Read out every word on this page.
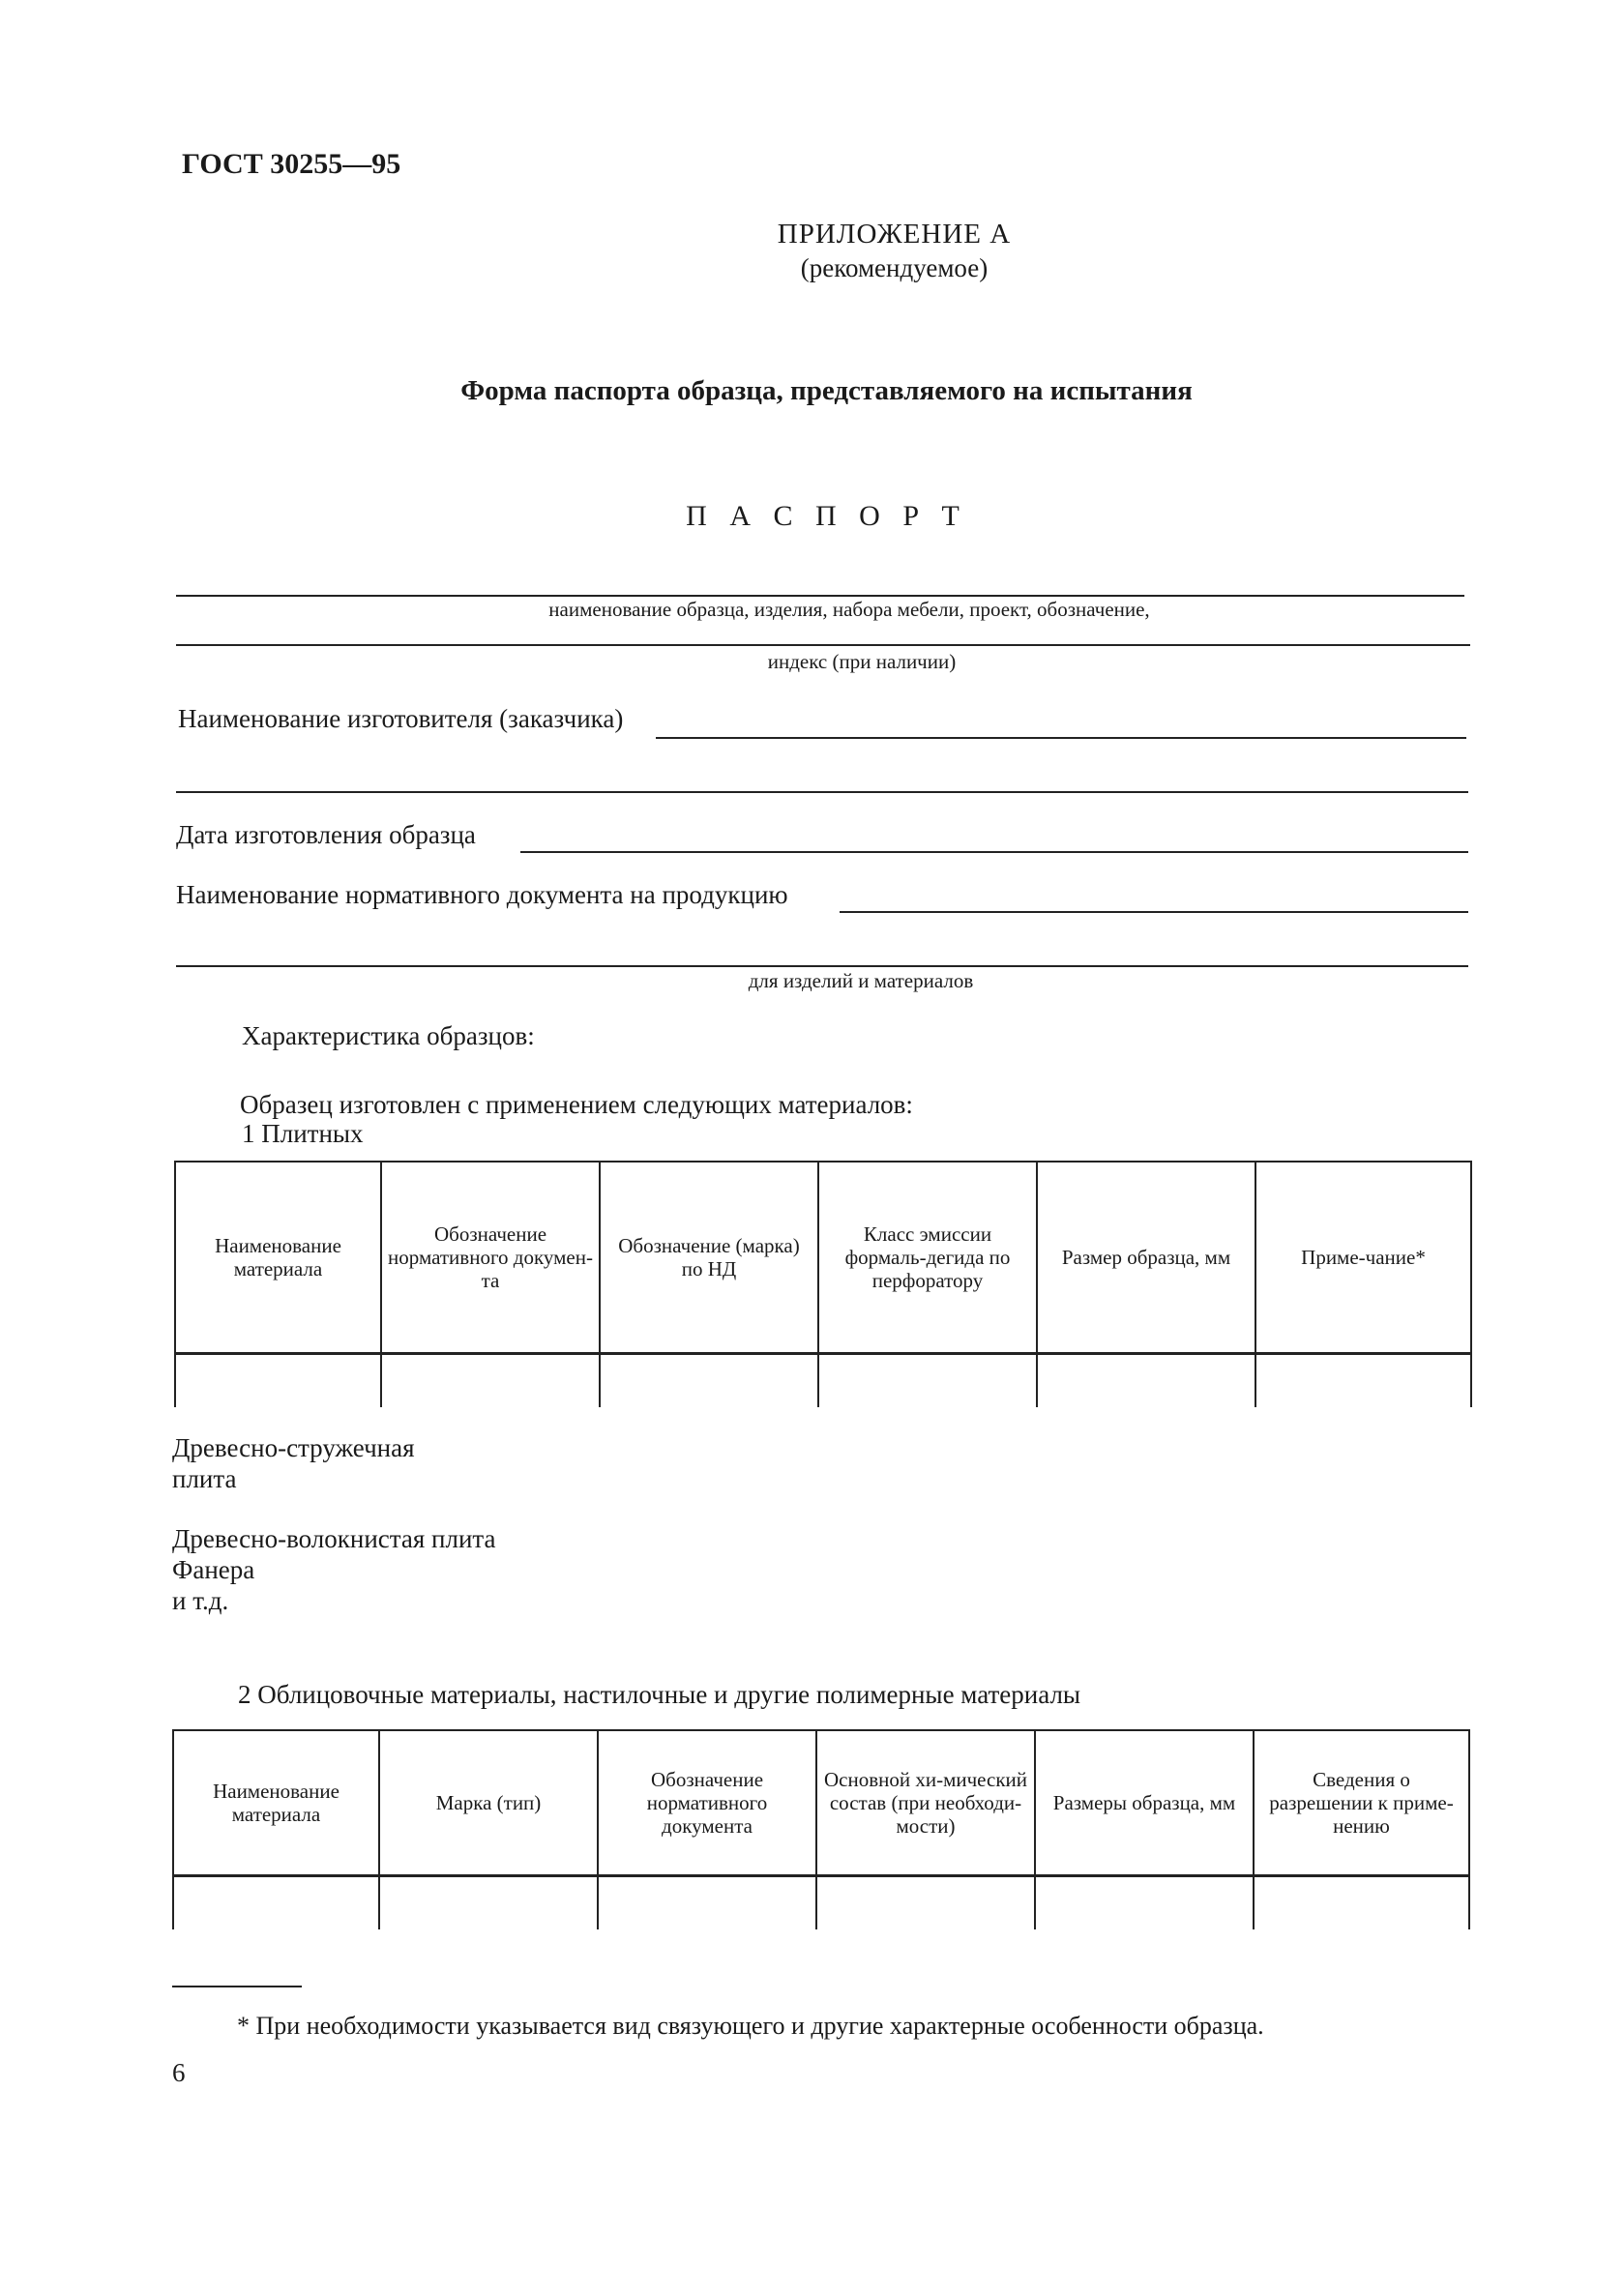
ГОСТ 30255—95
ПРИЛОЖЕНИЕ А
(рекомендуемое)
Форма паспорта образца, представляемого на испытания
П А С П О Р Т
наименование образца, изделия, набора мебели, проект, обозначение,
индекс (при наличии)
Наименование изготовителя (заказчика)
Дата изготовления образца
Наименование нормативного документа на продукцию
для изделий и материалов
Характеристика образцов:
Образец изготовлен с применением следующих материалов:
1 Плитных
Наименование материала	Обозначение нормативного докумен-та	Обозначение (марка) по НД	Класс эмиссии формаль-дегида по перфоратору	Размер образца, мм	Приме-чание*

Древесно-стружечная
плита
Древесно-волокнистая плита
Фанера
и т.д.
2 Облицовочные материалы, настилочные и другие полимерные материалы
Наименование материала	Марка (тип)	Обозначение нормативного документа	Основной хи-мический состав (при необходи-мости)	Размеры образца, мм	Сведения о разрешении к приме-нению

* При необходимости указывается вид связующего и другие характерные особенности образца.
6
